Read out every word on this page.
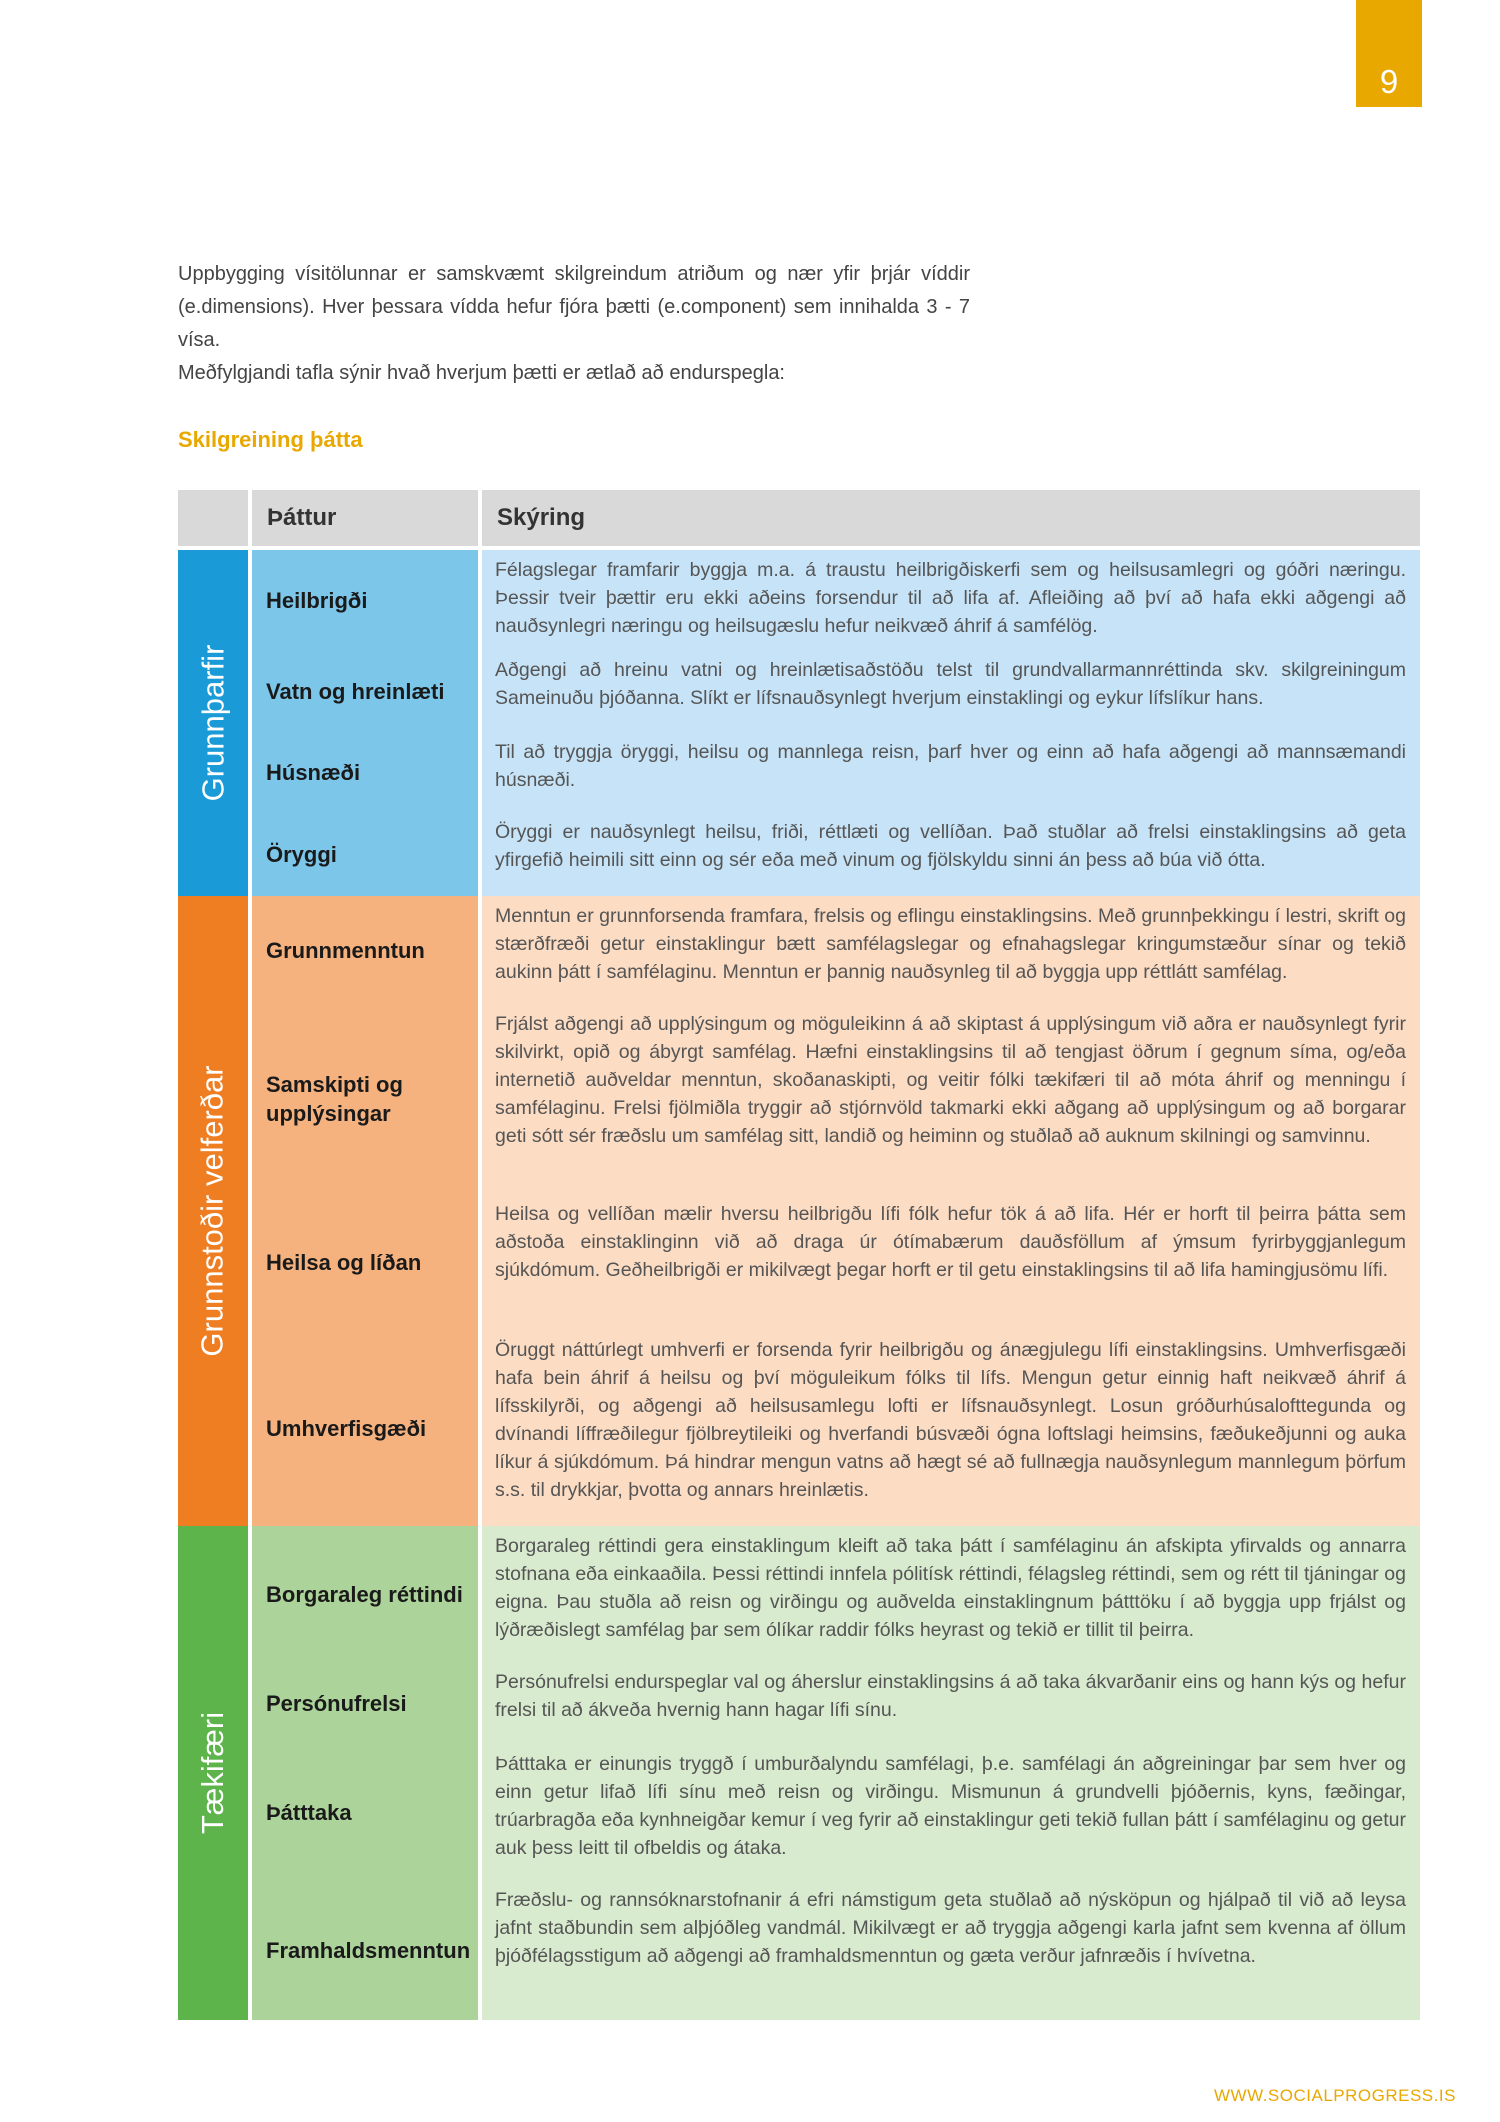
9
Uppbygging vísitölunnar er samskvæmt skilgreindum atriðum og nær yfir þrjár víddir (e.dimensions). Hver þessara vídda hefur fjóra þætti (e.component) sem innihalda 3 - 7 vísa.
Meðfylgjandi tafla sýnir hvað hverjum þætti er ætlað að endurspegla:
Skilgreining þátta
Þáttur	Skýring
Grunnþarfir
Heilbrigði
Vatn og hreinlæti
Húsnæði
Öryggi
Félagslegar framfarir byggja m.a. á traustu heilbrigðiskerfi sem og heilsusamlegri og góðri næringu. Þessir tveir þættir eru ekki aðeins forsendur til að lifa af. Afleiðing að því að hafa ekki aðgengi að nauðsynlegri næringu og heilsugæslu hefur neikvæð áhrif á samfélög.
Aðgengi að hreinu vatni og hreinlætisaðstöðu telst til grundvallarmannréttinda skv. skilgreiningum Sameinuðu þjóðanna. Slíkt er lífsnauðsynlegt hverjum einstaklingi og eykur lífslíkur hans.
Til að tryggja öryggi, heilsu og mannlega reisn, þarf hver og einn að hafa aðgengi að mannsæmandi húsnæði.
Öryggi er nauðsynlegt heilsu, friði, réttlæti og vellíðan. Það stuðlar að frelsi einstaklingsins að geta yfirgefið heimili sitt einn og sér eða með vinum og fjölskyldu sinni án þess að búa við ótta.
Grunnstoðir velferðar
Grunnmenntun
Samskipti og upplýsingar
Heilsa og líðan
Umhverfisgæði
Menntun er grunnforsenda framfara, frelsis og eflingu einstaklingsins. Með grunnþekkingu í lestri, skrift og stærðfræði getur einstaklingur bætt samfélagslegar og efnahagslegar kringumstæður sínar og tekið aukinn þátt í samfélaginu. Menntun er þannig nauðsynleg til að byggja upp réttlátt samfélag.
Frjálst aðgengi að upplýsingum og möguleikinn á að skiptast á upplýsingum við aðra er nauðsynlegt fyrir skilvirkt, opið og ábyrgt samfélag. Hæfni einstaklingsins til að tengjast öðrum í gegnum síma, og/eða internetið auðveldar menntun, skoðanaskipti, og veitir fólki tækifæri til að móta áhrif og menningu í samfélaginu. Frelsi fjölmiðla tryggir að stjórnvöld takmarki ekki aðgang að upplýsingum og að borgarar geti sótt sér fræðslu um samfélag sitt, landið og heiminn og stuðlað að auknum skilningi og samvinnu.
Heilsa og vellíðan mælir hversu heilbrigðu lífi fólk hefur tök á að lifa. Hér er horft til þeirra þátta sem aðstoða einstaklinginn við að draga úr ótímabærum dauðsföllum af ýmsum fyrirbyggjanlegum sjúkdómum. Geðheilbrigði er mikilvægt þegar horft er til getu einstaklingsins til að lifa hamingjusömu lífi.
Öruggt náttúrlegt umhverfi er forsenda fyrir heilbrigðu og ánægjulegu lífi einstaklingsins. Umhverfisgæði hafa bein áhrif á heilsu og því möguleikum fólks til lífs. Mengun getur einnig haft neikvæð áhrif á lífsskilyrði, og aðgengi að heilsusamlegu lofti er lífsnauðsynlegt. Losun gróðurhúsalofttegunda og dvínandi líffræðilegur fjölbreytileiki og hverfandi búsvæði ógna loftslagi heimsins, fæðukeðjunni og auka líkur á sjúkdómum. Þá hindrar mengun vatns að hægt sé að fullnægja nauðsynlegum mannlegum þörfum s.s. til drykkjar, þvotta og annars hreinlætis.
Tækifæri
Borgaraleg réttindi
Persónufrelsi
Þátttaka
Framhaldsmenntun
Borgaraleg réttindi gera einstaklingum kleift að taka þátt í samfélaginu án afskipta yfirvalds og annarra stofnana eða einkaaðila. Þessi réttindi innfela pólitísk réttindi, félagsleg réttindi, sem og rétt til tjáningar og eigna. Þau stuðla að reisn og virðingu og auðvelda einstaklingnum þátttöku í að byggja upp frjálst og lýðræðislegt samfélag þar sem ólíkar raddir fólks heyrast og tekið er tillit til þeirra.
Persónufrelsi endurspeglar val og áherslur einstaklingsins á að taka ákvarðanir eins og hann kýs og hefur frelsi til að ákveða hvernig hann hagar lífi sínu.
Þátttaka er einungis tryggð í umburðalyndu samfélagi, þ.e. samfélagi án aðgreiningar þar sem hver og einn getur lifað lífi sínu með reisn og virðingu. Mismunun á grundvelli þjóðernis, kyns, fæðingar, trúarbragða eða kynhneigðar kemur í veg fyrir að einstaklingur geti tekið fullan þátt í samfélaginu og getur auk þess leitt til ofbeldis og átaka.
Fræðslu- og rannsóknarstofnanir á efri námstigum geta stuðlað að nýsköpun og hjálpað til við að leysa jafnt staðbundin sem alþjóðleg vandmál. Mikilvægt er að tryggja aðgengi karla jafnt sem kvenna af öllum þjóðfélagsstigum að aðgengi að framhaldsmenntun og gæta verður jafnræðis í hvívetna.
WWW.SOCIALPROGRESS.IS
